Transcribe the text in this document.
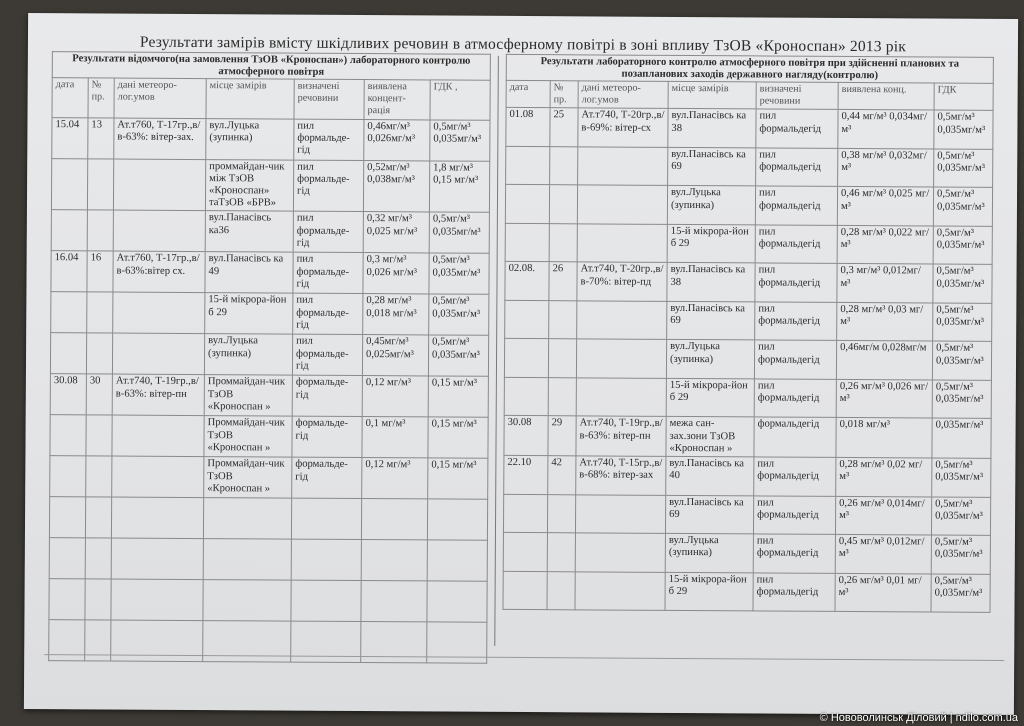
Результати замірів вмісту шкідливих речовин в атмосферному повітрі в зоні впливу ТзОВ «Кроноспан» 2013 рік
Результати відомчого(на замовлення ТзОВ «Кроноспан») лабораторного контролю атмосферного повітря						
дата	№ пр.	дані метеоро-лог.умов	місце замірів	визначені речовини	виявлена концент-рація	ГДК ,
15.04	13	Ат.т760, Т-17гр.,в/в-63%: вітер-зах.	вул.Луцька (зупинка)	пил формальде-гід	0,46мг/м³ 0,026мг/м³	0,5мг/м³ 0,035мг/м³
			проммайдан-чик між ТзОВ «Кроноспан» таТзОВ «БРВ»	пил формальде-гід	0,52мг/м³ 0,038мг/м³	1,8 мг/м³ 0,15 мг/м³
			вул.Панасівсь ка36	пил формальде-гід	0,32 мг/м³ 0,025 мг/м³	0,5мг/м³ 0,035мг/м³
16.04	16	Ат.т760, Т-17гр.,в/в-63%:вітер сх.	вул.Панасівсь ка 49	пил формальде-гід	0,3 мг/м³ 0,026 мг/м³	0,5мг/м³ 0,035мг/м³
			15-й мікрора-йон б 29	пил формальде-гід	0,28 мг/м³ 0,018 мг/м³	0,5мг/м³ 0,035мг/м³
			вул.Луцька (зупинка)	пил формальде-гід	0,45мг/м³ 0,025мг/м³	0,5мг/м³ 0,035мг/м³
30.08	30	Ат.т740, Т-19гр.,в/в-63%: вітер-пн	Проммайдан-чик ТзОВ «Кроноспан »	формальде-гід	0,12 мг/м³	0,15 мг/м³
			Проммайдан-чик ТзОВ «Кроноспан »	формальде-гід	0,1 мг/м³	0,15 мг/м³
			Проммайдан-чик ТзОВ «Кроноспан »	формальде-гід	0,12 мг/м³	0,15 мг/м³

Результати лабораторного контролю атмосферного повітря при здійсненні планових та позапланових заходів державного нагляду(контролю)						
дата	№ пр.	дані метеоро-лог.умов	місце замірів	визначені речовини	виявлена конц.	ГДК
01.08	25	Ат.т740, Т-20гр.,в/в-69%: вітер-сх	вул.Панасівсь ка 38	пил формальдегід	0,44 мг/м³ 0,034мг/м³	0,5мг/м³ 0,035мг/м³
			вул.Панасівсь ка 69	пил формальдегід	0,38 мг/м³ 0,032мг/м³	0,5мг/м³ 0,035мг/м³
			вул.Луцька (зупинка)	пил формальдегід	0,46 мг/м³ 0,025 мг/м³	0,5мг/м³ 0,035мг/м³
			15-й мікрора-йон б 29	пил формальдегід	0,28 мг/м³ 0,022 мг/м³	0,5мг/м³ 0,035мг/м³
02.08.	26	Ат.т740, Т-20гр.,в/в-70%: вітер-пд	вул.Панасівсь ка 38	пил формальдегід	0,3 мг/м³ 0,012мг/м³	0,5мг/м³ 0,035мг/м³
			вул.Панасівсь ка 69	пил формальдегід	0,28 мг/м³ 0,03 мг/м³	0,5мг/м³ 0,035мг/м³
			вул.Луцька (зупинка)	пил формальдегід	0,46мг/м 0,028мг/м	0,5мг/м³ 0,035мг/м³
			15-й мікрора-йон б 29	пил формальдегід	0,26 мг/м³ 0,026 мг/м³	0,5мг/м³ 0,035мг/м³
30.08	29	Ат.т740, Т-19гр.,в/в-63%: вітер-пн	межа сан-зах.зони ТзОВ «Кроноспан »	формальдегід	0,018 мг/м³	0,035мг/м³
22.10	42	Ат.т740, Т-15гр.,в/в-68%: вітер-зах	вул.Панасівсь ка 40	пил формальдегід	0,28 мг/м³ 0,02 мг/м³	0,5мг/м³ 0,035мг/м³
			вул.Панасівсь ка 69	пил формальдегід	0,26 мг/м³ 0,014мг/м³	0,5мг/м³ 0,035мг/м³
			вул.Луцька (зупинка)	пил формальдегід	0,45 мг/м³ 0,012мг/м³	0,5мг/м³ 0,035мг/м³
			15-й мікрора-йон б 29	пил формальдегід	0,26 мг/м³ 0,01 мг/м³	0,5мг/м³ 0,035мг/м³
© Нововолинськ Діловий | ndilo.com.ua
